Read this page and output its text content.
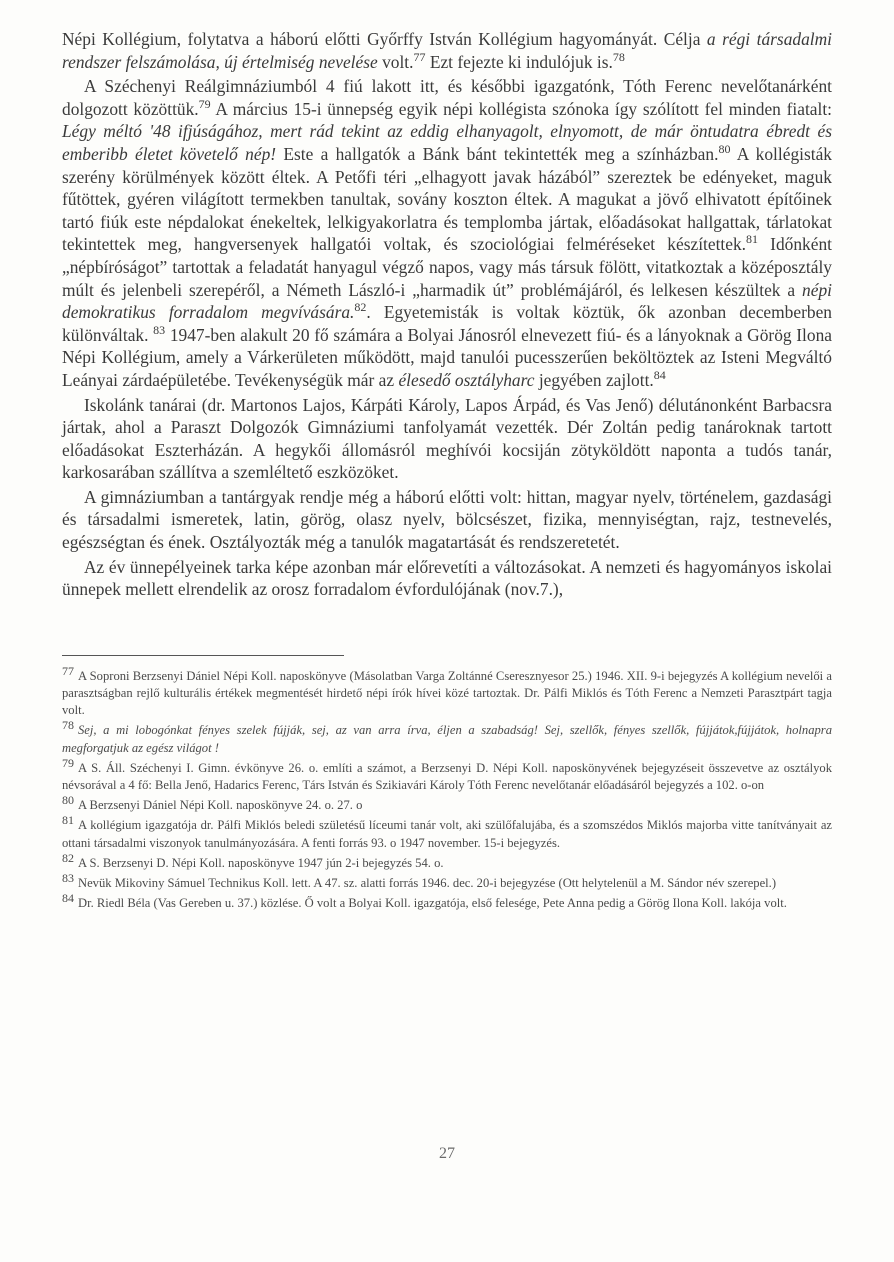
Népi Kollégium, folytatva a háború előtti Győrffy István Kollégium hagyományát. Célja a régi társadalmi rendszer felszámolása, új értelmiség nevelése volt.$^{77}$ Ezt fejezte ki indulójuk is.$^{78}$

A Széchenyi Reálgimnáziumból 4 fiú lakott itt, és későbbi igazgatónk, Tóth Ferenc nevelőtanárként dolgozott közöttük.$^{79}$ A március 15-i ünnepség egyik népi kollégista szónoka így szólított fel minden fiatalt: Légy méltó '48 ifjúságához, mert rád tekint az eddig elhanyagolt, elnyomott, de már öntudatra ébredt és emberibb életet követelő nép! Este a hallgatók a Bánk bánt tekintették meg a színházban.$^{80}$ A kollégisták szerény körülmények között éltek. A Petőfi téri „elhagyott javak házából” szereztek be edényeket, maguk fűtöttek, gyéren világított termekben tanultak, sovány koszton éltek. A magukat a jövő elhivatott építőinek tartó fiúk este népdalokat énekeltek, lelkigyakorlatra és templomba jártak, előadásokat hallgattak, tárlatokat tekintettek meg, hangversenyek hallgatói voltak, és szociológiai felméréseket készítettek.$^{81}$ Időnként „népbíróságot” tartottak a feladatát hanyagul végző napos, vagy más társuk fölött, vitatkoztak a középosztály múlt és jelenbeli szerepéről, a Németh László-i „harmadik út” problémájáról, és lelkesen készültek a népi demokratikus forradalom megvívására.$^{82}$. Egyetemisták is voltak köztük, ők azonban decemberben különváltak. $^{83}$ 1947-ben alakult 20 fő számára a Bolyai Jánosról elnevezett fiú- és a lányoknak a Görög Ilona Népi Kollégium, amely a Várkerületen működött, majd tanulói pucesszerűen beköltöztek az Isteni Megváltó Leányai zárdaépületébe. Tevékenységük már az élesedő osztályharc jegyében zajlott.$^{84}$

Iskolánk tanárai (dr. Martonos Lajos, Kárpáti Károly, Lapos Árpád, és Vas Jenő) délutánonként Barbacsra jártak, ahol a Paraszt Dolgozók Gimnáziumi tanfolyamát vezették. Dér Zoltán pedig tanároknak tartott előadásokat Eszterházán. A hegykői állomásról meghívói kocsiján zötyköldött naponta a tudós tanár, karkosarában szállítva a szemléltető eszközöket.

A gimnáziumban a tantárgyak rendje még a háború előtti volt: hittan, magyar nyelv, történelem, gazdasági és társadalmi ismeretek, latin, görög, olasz nyelv, bölcsészet, fizika, mennyiségtan, rajz, testnevelés, egészségtan és ének. Osztályozták még a tanulók magatartását és rendszeretetét.

Az év ünnepélyeinek tarka képe azonban már előrevetíti a változásokat. A nemzeti és hagyományos iskolai ünnepek mellett elrendelik az orosz forradalom évfordulójának (nov.7.),

77 A Soproni Berzsenyi Dániel Népi Koll. naposkönyve (Másolatban Varga Zoltánné Cseresznyesor 25.) 1946. XII. 9-i bejegyzés A kollégium nevelői a parasztságban rejlő kulturális értékek megmentését hirdető népi írók hívei közé tartoztak. Dr. Pálfi Miklós és Tóth Ferenc a Nemzeti Parasztpárt tagja volt.
78 Sej, a mi lobogónkat fényes szelek fújják, sej, az van arra írva, éljen a szabadság! Sej, szellők, fényes szellők, fújjátok,fújjátok, holnapra megforgatjuk az egész világot !
79 A S. Áll. Széchenyi I. Gimn. évkönyve 26. o. említi a számot, a Berzsenyi D. Népi Koll. naposkönyvének bejegyzéseit összevetve az osztályok névsorával a 4 fő: Bella Jenő, Hadarics Ferenc, Társ István és Szikiavári Károly Tóth Ferenc nevelőtanár előadásáról bejegyzés a 102. o-on
80 A Berzsenyi Dániel Népi Koll. naposkönyve 24. o. 27. o
81 A kollégium igazgatója dr. Pálfi Miklós beledi születésű líceumi tanár volt, aki szülőfalujába, és a szomszédos Miklós majorba vitte tanítványait az ottani társadalmi viszonyok tanulmányozására. A fenti forrás 93. o 1947 november. 15-i bejegyzés.
82 A S. Berzsenyi D. Népi Koll. naposkönyve 1947 jún 2-i bejegyzés 54. o.
83 Nevük Mikoviny Sámuel Technikus Koll. lett. A 47. sz. alatti forrás 1946. dec. 20-i bejegyzése (Ott helytelenül a M. Sándor név szerepel.)
84 Dr. Riedl Béla (Vas Gereben u. 37.) közlése. Ő volt a Bolyai Koll. igazgatója, első felesége, Pete Anna pedig a Görög Ilona Koll. lakója volt.
27
